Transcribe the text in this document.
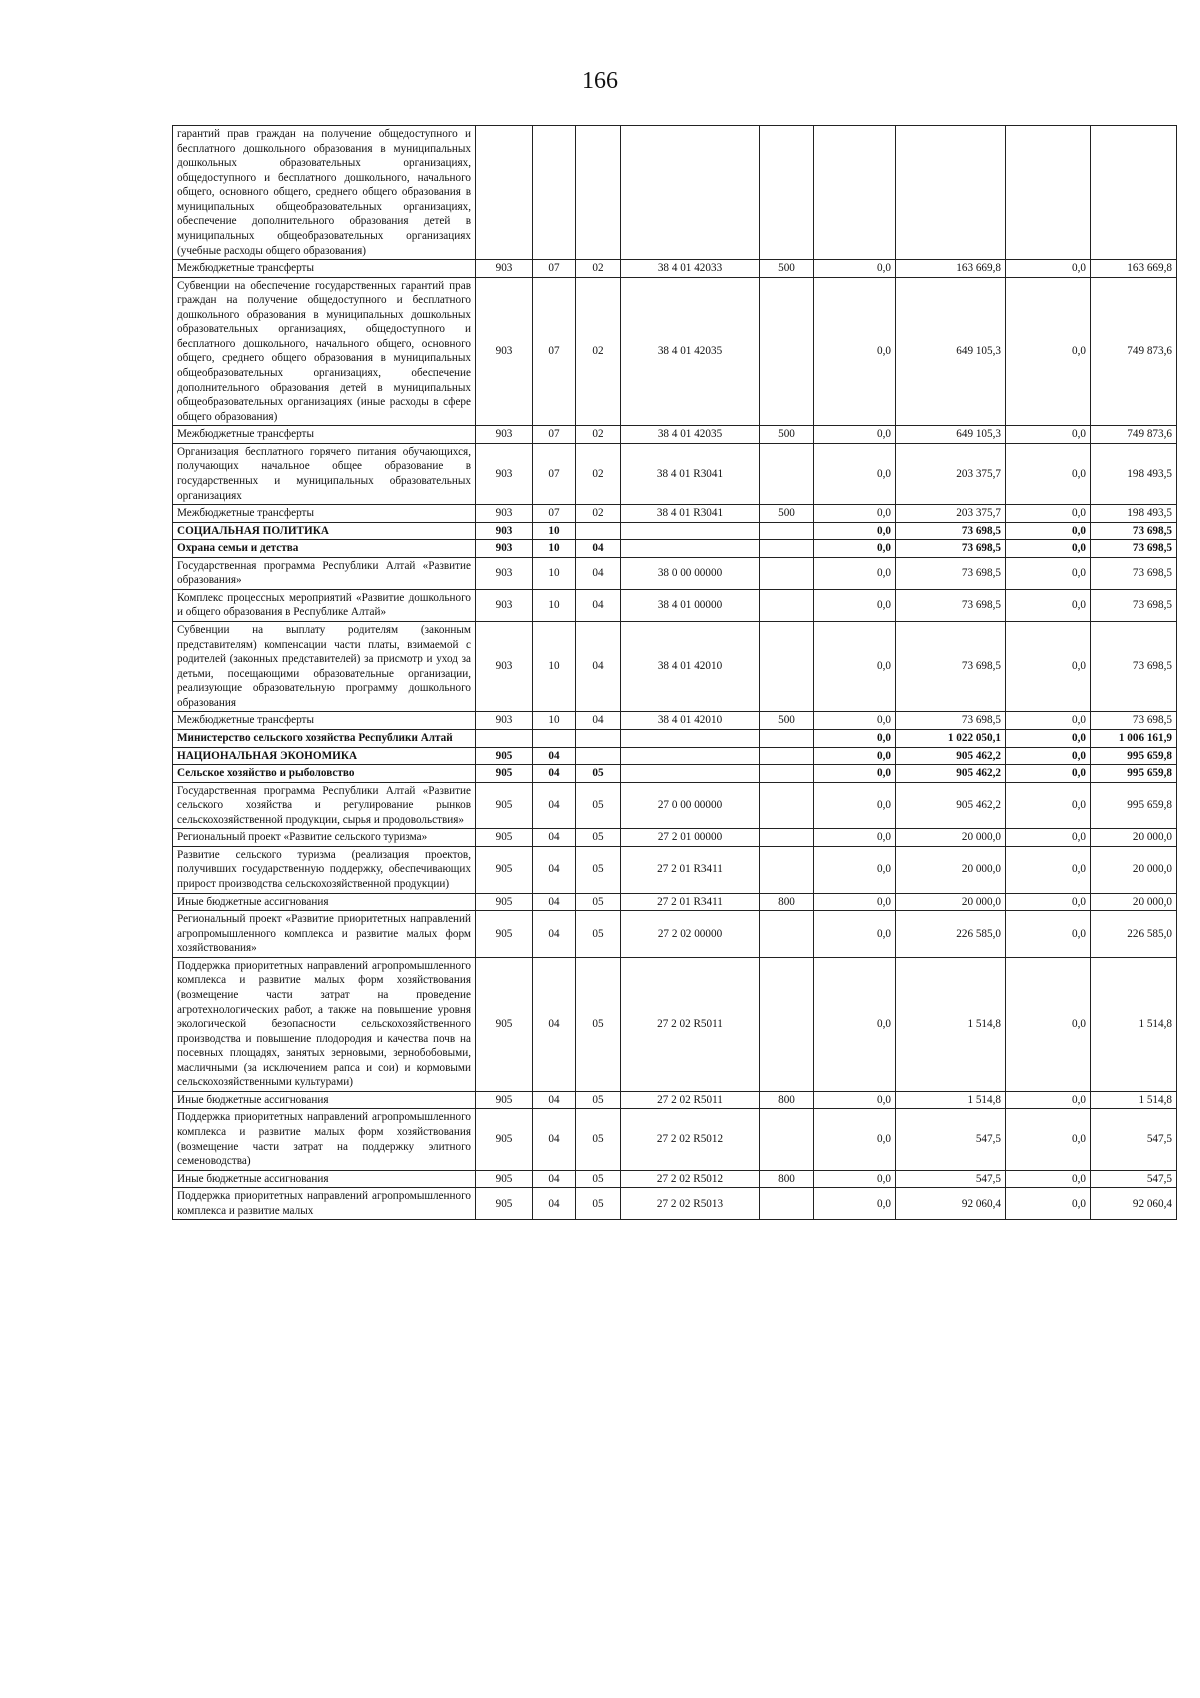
166
гарантий прав граждан на получение общедоступного и бесплатного дошкольного образования в муниципальных дошкольных образовательных организациях, общедоступного и бесплатного дошкольного, начального общего, основного общего, среднего общего образования в муниципальных общеобразовательных организациях, обеспечение дополнительного образования детей в муниципальных общеобразовательных организациях (учебные расходы общего образования)									
Межбюджетные трансферты	903	07	02	38 4 01 42033	500	0,0	163 669,8	0,0	163 669,8
Субвенции на обеспечение государственных гарантий прав граждан на получение общедоступного и бесплатного дошкольного образования в муниципальных дошкольных образовательных организациях, общедоступного и бесплатного дошкольного, начального общего, основного общего, среднего общего образования в муниципальных общеобразовательных организациях, обеспечение дополнительного образования детей в муниципальных общеобразовательных организациях (иные расходы в сфере общего образования)	903	07	02	38 4 01 42035		0,0	649 105,3	0,0	749 873,6
Межбюджетные трансферты	903	07	02	38 4 01 42035	500	0,0	649 105,3	0,0	749 873,6
Организация бесплатного горячего питания обучающихся, получающих начальное общее образование в государственных и муниципальных образовательных организациях	903	07	02	38 4 01 R3041		0,0	203 375,7	0,0	198 493,5
Межбюджетные трансферты	903	07	02	38 4 01 R3041	500	0,0	203 375,7	0,0	198 493,5
СОЦИАЛЬНАЯ ПОЛИТИКА	903	10				0,0	73 698,5	0,0	73 698,5
Охрана семьи и детства	903	10	04			0,0	73 698,5	0,0	73 698,5
Государственная программа Республики Алтай «Развитие образования»	903	10	04	38 0 00 00000		0,0	73 698,5	0,0	73 698,5
Комплекс процессных мероприятий «Развитие дошкольного и общего образования в Республике Алтай»	903	10	04	38 4 01 00000		0,0	73 698,5	0,0	73 698,5
Субвенции на выплату родителям (законным представителям) компенсации части платы, взимаемой с родителей (законных представителей) за присмотр и уход за детьми, посещающими образовательные организации, реализующие образовательную программу дошкольного образования	903	10	04	38 4 01 42010		0,0	73 698,5	0,0	73 698,5
Межбюджетные трансферты	903	10	04	38 4 01 42010	500	0,0	73 698,5	0,0	73 698,5
Министерство сельского хозяйства Республики Алтай						0,0	1 022 050,1	0,0	1 006 161,9
НАЦИОНАЛЬНАЯ ЭКОНОМИКА	905	04				0,0	905 462,2	0,0	995 659,8
Сельское хозяйство и рыболовство	905	04	05			0,0	905 462,2	0,0	995 659,8
Государственная программа Республики Алтай «Развитие сельского хозяйства и регулирование рынков сельскохозяйственной продукции, сырья и продовольствия»	905	04	05	27 0 00 00000		0,0	905 462,2	0,0	995 659,8
Региональный проект «Развитие сельского туризма»	905	04	05	27 2 01 00000		0,0	20 000,0	0,0	20 000,0
Развитие сельского туризма (реализация проектов, получивших государственную поддержку, обеспечивающих прирост производства сельскохозяйственной продукции)	905	04	05	27 2 01 R3411		0,0	20 000,0	0,0	20 000,0
Иные бюджетные ассигнования	905	04	05	27 2 01 R3411	800	0,0	20 000,0	0,0	20 000,0
Региональный проект «Развитие приоритетных направлений агропромышленного комплекса и развитие малых форм хозяйствования»	905	04	05	27 2 02 00000		0,0	226 585,0	0,0	226 585,0
Поддержка приоритетных направлений агропромышленного комплекса и развитие малых форм хозяйствования (возмещение части затрат на проведение агротехнологических работ, а также на повышение уровня экологической безопасности сельскохозяйственного производства и повышение плодородия и качества почв на посевных площадях, занятых зерновыми, зернобобовыми, масличными (за исключением рапса и сои) и кормовыми сельскохозяйственными культурами)	905	04	05	27 2 02 R5011		0,0	1 514,8	0,0	1 514,8
Иные бюджетные ассигнования	905	04	05	27 2 02 R5011	800	0,0	1 514,8	0,0	1 514,8
Поддержка приоритетных направлений агропромышленного комплекса и развитие малых форм хозяйствования (возмещение части затрат на поддержку элитного семеноводства)	905	04	05	27 2 02 R5012		0,0	547,5	0,0	547,5
Иные бюджетные ассигнования	905	04	05	27 2 02 R5012	800	0,0	547,5	0,0	547,5
Поддержка приоритетных направлений агропромышленного комплекса и развитие малых	905	04	05	27 2 02 R5013		0,0	92 060,4	0,0	92 060,4
